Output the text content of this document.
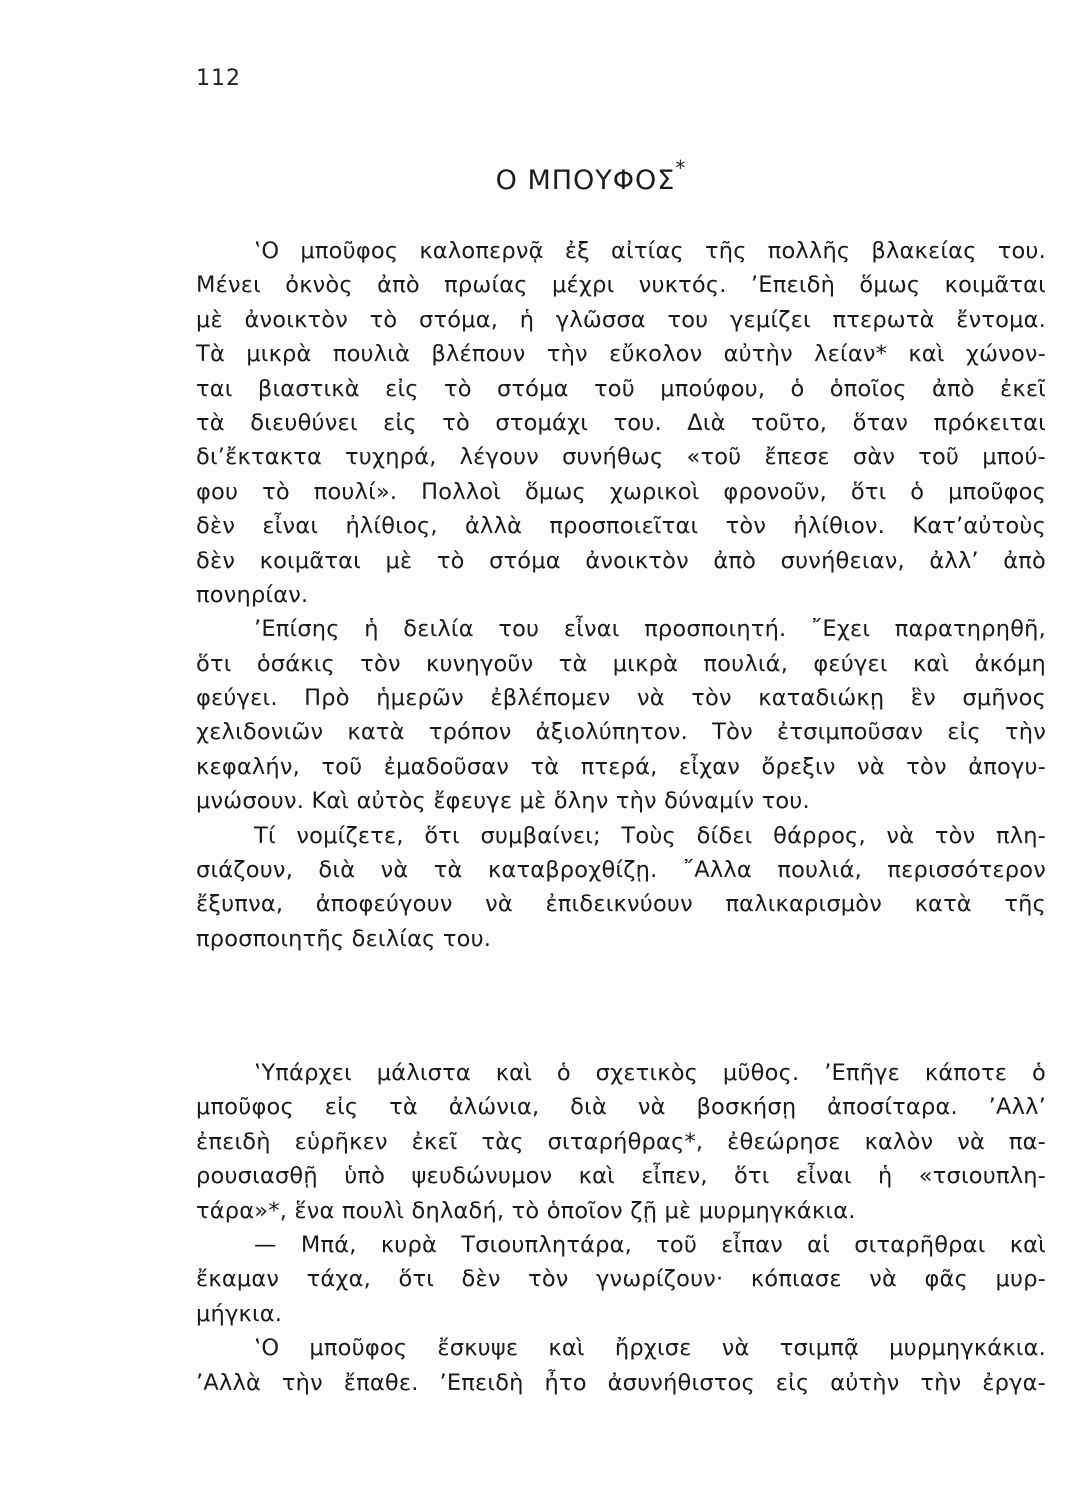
112
Ο ΜΠΟΥΦΟΣ*
‛Ο μποῦφος καλοπερνᾷ ἐξ αἰτίας τῆς πολλῆς βλακείας του.
Μένει ὀκνὸς ἀπὸ πρωίας μέχρι νυκτός. ’Επειδὴ ὅμως κοιμᾶται
μὲ ἀνοικτὸν τὸ στόμα, ἡ γλῶσσα του γεμίζει πτερωτὰ ἔντομα.
Τὰ μικρὰ πουλιὰ βλέπουν τὴν εὔκολον αὐτὴν λείαν* καὶ χώνον-
ται βιαστικὰ εἰς τὸ στόμα τοῦ μπούφου, ὁ ὁποῖος ἀπὸ ἐκεῖ
τὰ διευθύνει εἰς τὸ στομάχι του. Διὰ τοῦτο, ὅταν πρόκειται
δι’ἔκτακτα τυχηρά, λέγουν συνήθως «τοῦ ἔπεσε σὰν τοῦ μπού-
φου τὸ πουλί». Πολλοὶ ὅμως χωρικοὶ φρονοῦν, ὅτι ὁ μποῦφος
δὲν εἶναι ἠλίθιος, ἀλλὰ προσποιεῖται τὸν ἠλίθιον. Κατ’αὐτοὺς
δὲν κοιμᾶται μὲ τὸ στόμα ἀνοικτὸν ἀπὸ συνήθειαν, ἀλλ’ ἀπὸ
πονηρίαν.
’Επίσης ἡ δειλία του εἶναι προσποιητή. ῎Εχει παρατηρηθῆ,
ὅτι ὁσάκις τὸν κυνηγοῦν τὰ μικρὰ πουλιά, φεύγει καὶ ἀκόμη
φεύγει. Πρὸ ἡμερῶν ἐβλέπομεν νὰ τὸν καταδιώκῃ ἓν σμῆνος
χελιδονιῶν κατὰ τρόπον ἀξιολύπητον. Τὸν ἐτσιμποῦσαν εἰς τὴν
κεφαλήν, τοῦ ἐμαδοῦσαν τὰ πτερά, εἶχαν ὄρεξιν νὰ τὸν ἀπογυ-
μνώσουν. Καὶ αὐτὸς ἔφευγε μὲ ὅλην τὴν δύναμίν του.
Τί νομίζετε, ὅτι συμβαίνει; Τοὺς δίδει θάρρος, νὰ τὸν πλη-
σιάζουν, διὰ νὰ τὰ καταβροχθίζῃ. ῎Αλλα πουλιά, περισσότερον
ἔξυπνα, ἀποφεύγουν νὰ ἐπιδεικνύουν παλικαρισμὸν κατὰ τῆς
προσποιητῆς δειλίας του.
‛Υπάρχει μάλιστα καὶ ὁ σχετικὸς μῦθος. ’Επῆγε κάποτε ὁ
μποῦφος εἰς τὰ ἀλώνια, διὰ νὰ βοσκήσῃ ἀποσίταρα. ’Αλλ’
ἐπειδὴ εὑρῆκεν ἐκεῖ τὰς σιταρήθρας*, ἐθεώρησε καλὸν νὰ πα-
ρουσιασθῇ ὑπὸ ψευδώνυμον καὶ εἶπεν, ὅτι εἶναι ἡ «τσιουπλη-
τάρα»*, ἕνα πουλὶ δηλαδή, τὸ ὁποῖον ζῇ μὲ μυρμηγκάκια.
— Μπά, κυρὰ Τσιουπλητάρα, τοῦ εἶπαν αἱ σιταρῆθραι καὶ
ἔκαμαν τάχα, ὅτι δὲν τὸν γνωρίζουν· κόπιασε νὰ φᾶς μυρ-
μήγκια.
‛Ο μποῦφος ἔσκυψε καὶ ἤρχισε νὰ τσιμπᾷ μυρμηγκάκια.
’Αλλὰ τὴν ἔπαθε. ’Επειδὴ ἦτο ἀσυνήθιστος εἰς αὐτὴν τὴν ἐργα-
